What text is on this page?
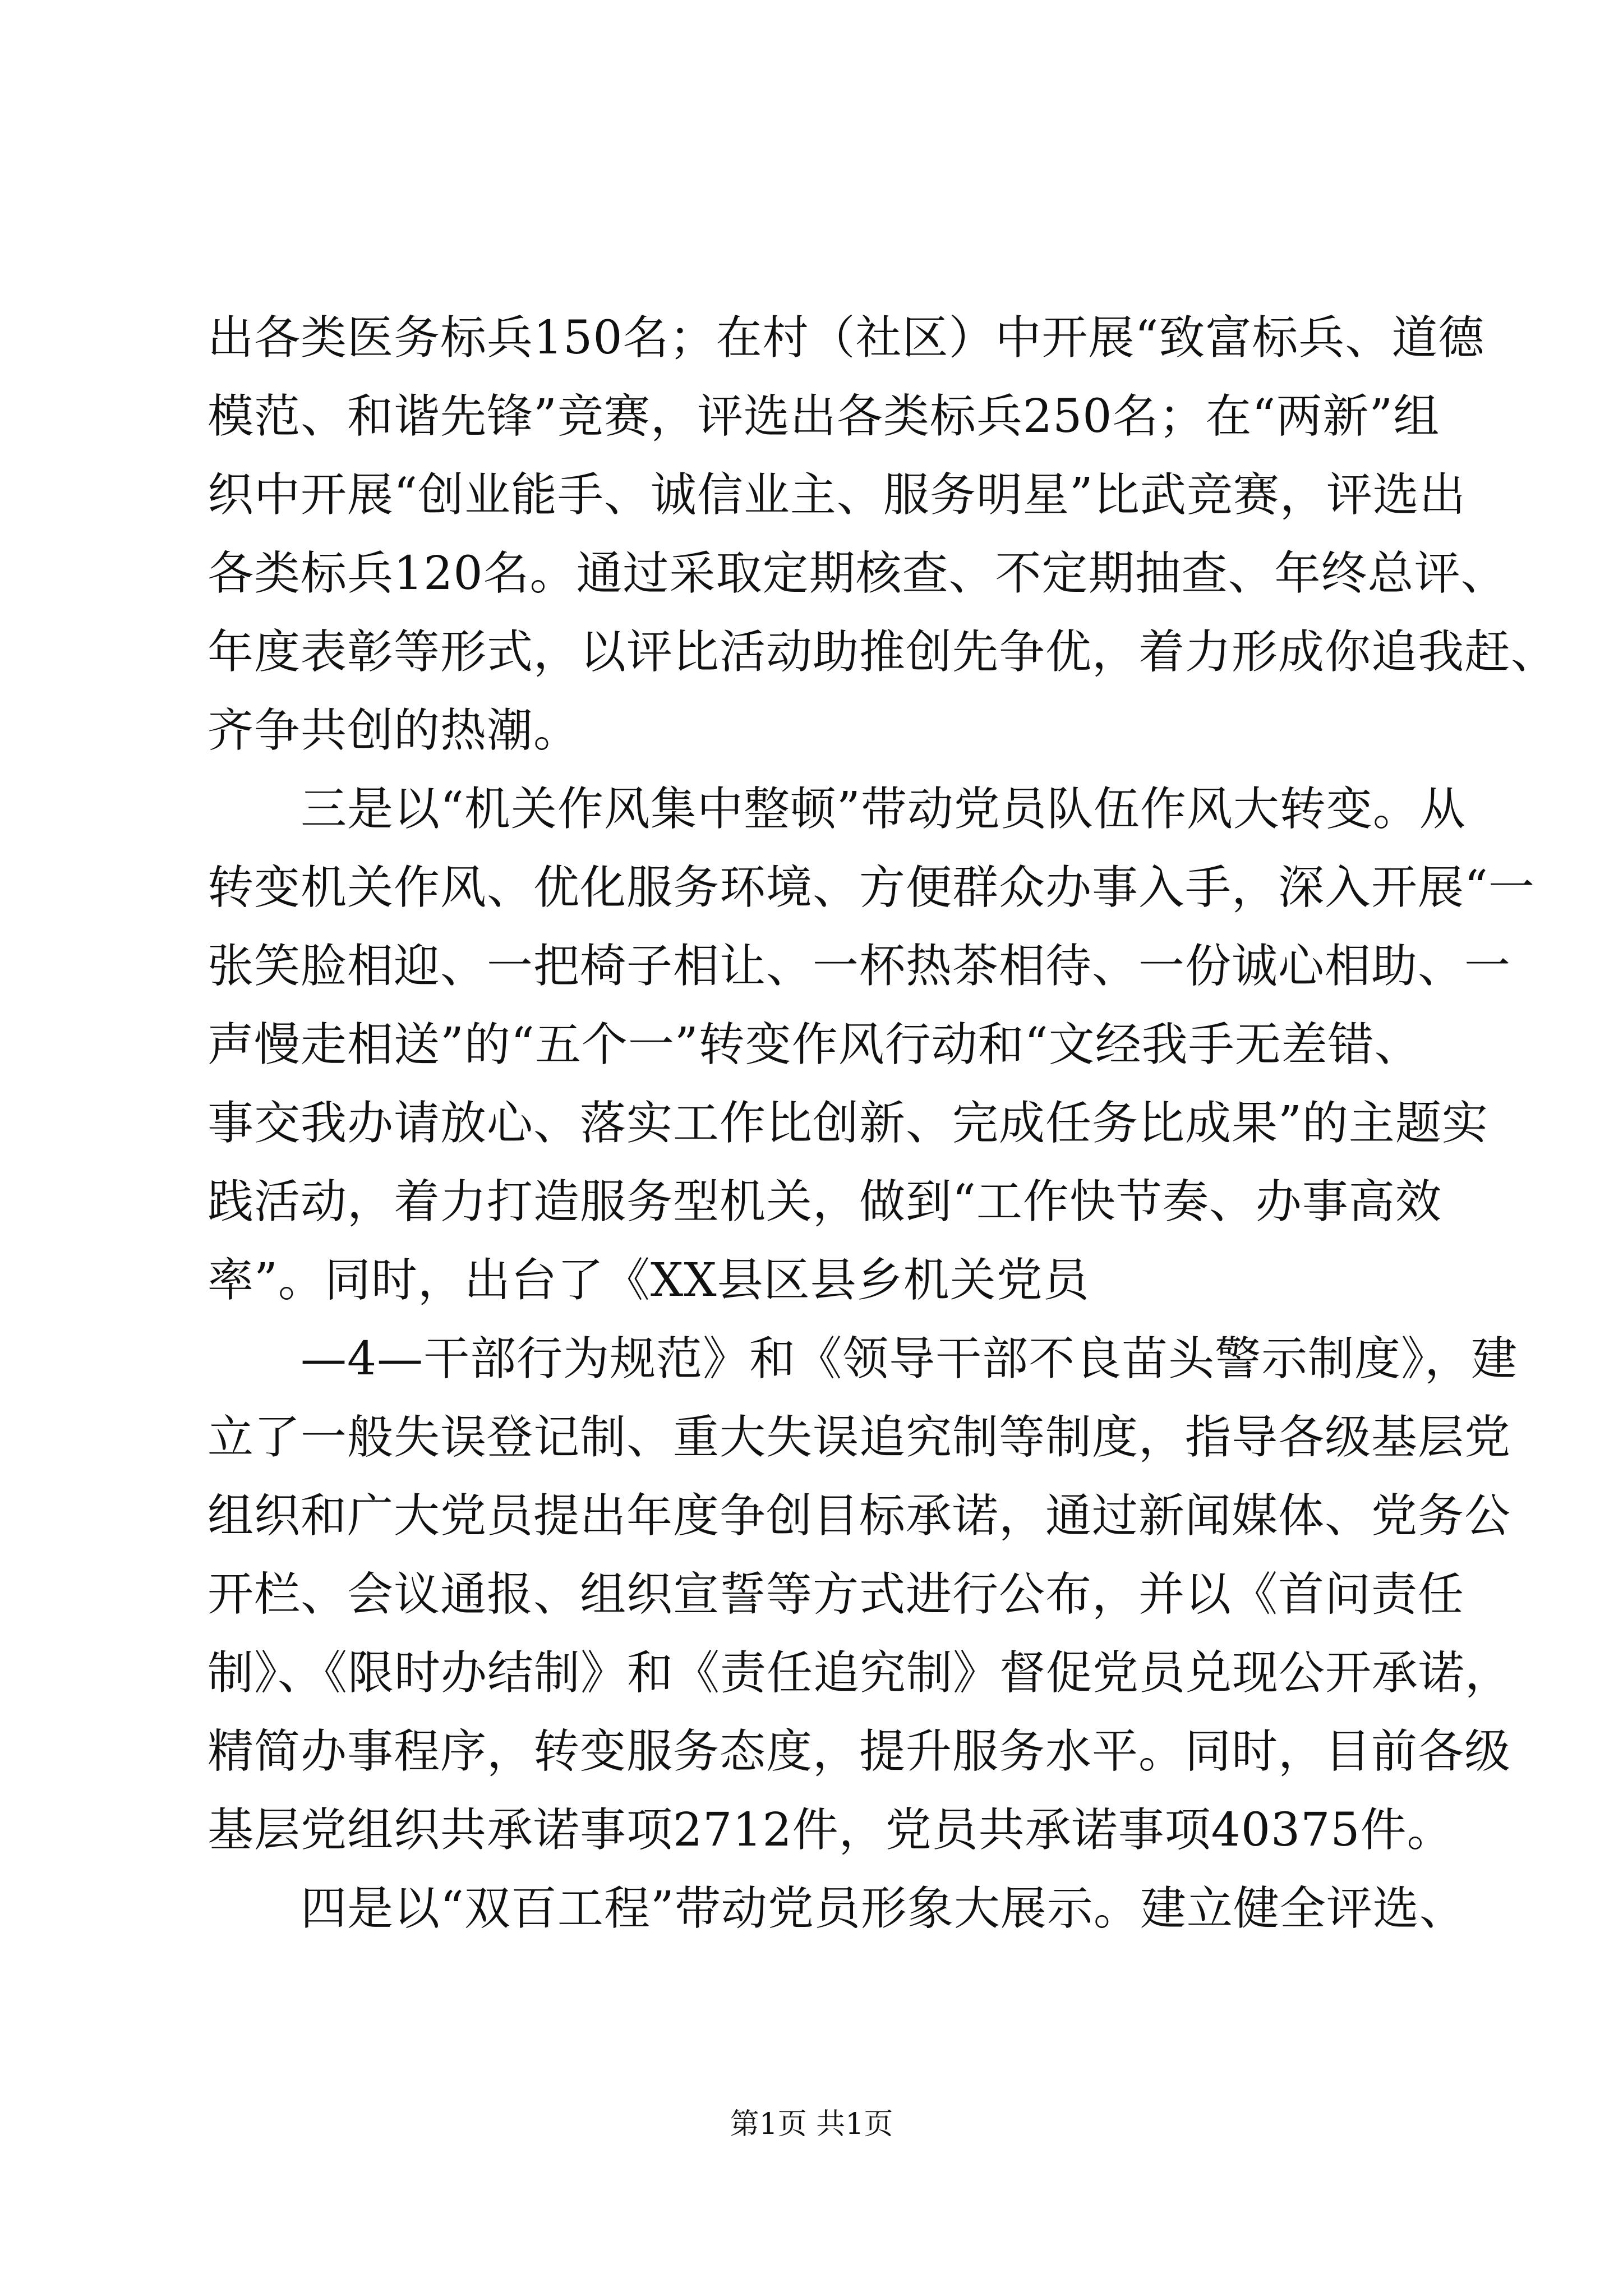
出各类医务标兵150名；在村（社区）中开展“致富标兵、道德
模范、和谐先锋”竞赛，评选出各类标兵250名；在“两新”组
织中开展“创业能手、诚信业主、服务明星”比武竞赛，评选出
各类标兵120名。通过采取定期核查、不定期抽查、年终总评、
年度表彰等形式，以评比活动助推创先争优，着力形成你追我赶、
齐争共创的热潮。
三是以“机关作风集中整顿”带动党员队伍作风大转变。从
转变机关作风、优化服务环境、方便群众办事入手，深入开展“一
张笑脸相迎、一把椅子相让、一杯热茶相待、一份诚心相助、一
声慢走相送”的“五个一”转变作风行动和“文经我手无差错、
事交我办请放心、落实工作比创新、完成任务比成果”的主题实
践活动，着力打造服务型机关，做到“工作快节奏、办事高效
率”。同时，出台了《XX县区县乡机关党员
—4—干部行为规范》和《领导干部不良苗头警示制度》，建
立了一般失误登记制、重大失误追究制等制度，指导各级基层党
组织和广大党员提出年度争创目标承诺，通过新闻媒体、党务公
开栏、会议通报、组织宣誓等方式进行公布，并以《首问责任
制》、《限时办结制》和《责任追究制》督促党员兑现公开承诺，
精简办事程序，转变服务态度，提升服务水平。同时，目前各级
基层党组织共承诺事项2712件，党员共承诺事项40375件。
四是以“双百工程”带动党员形象大展示。建立健全评选、
第1页 共1页
